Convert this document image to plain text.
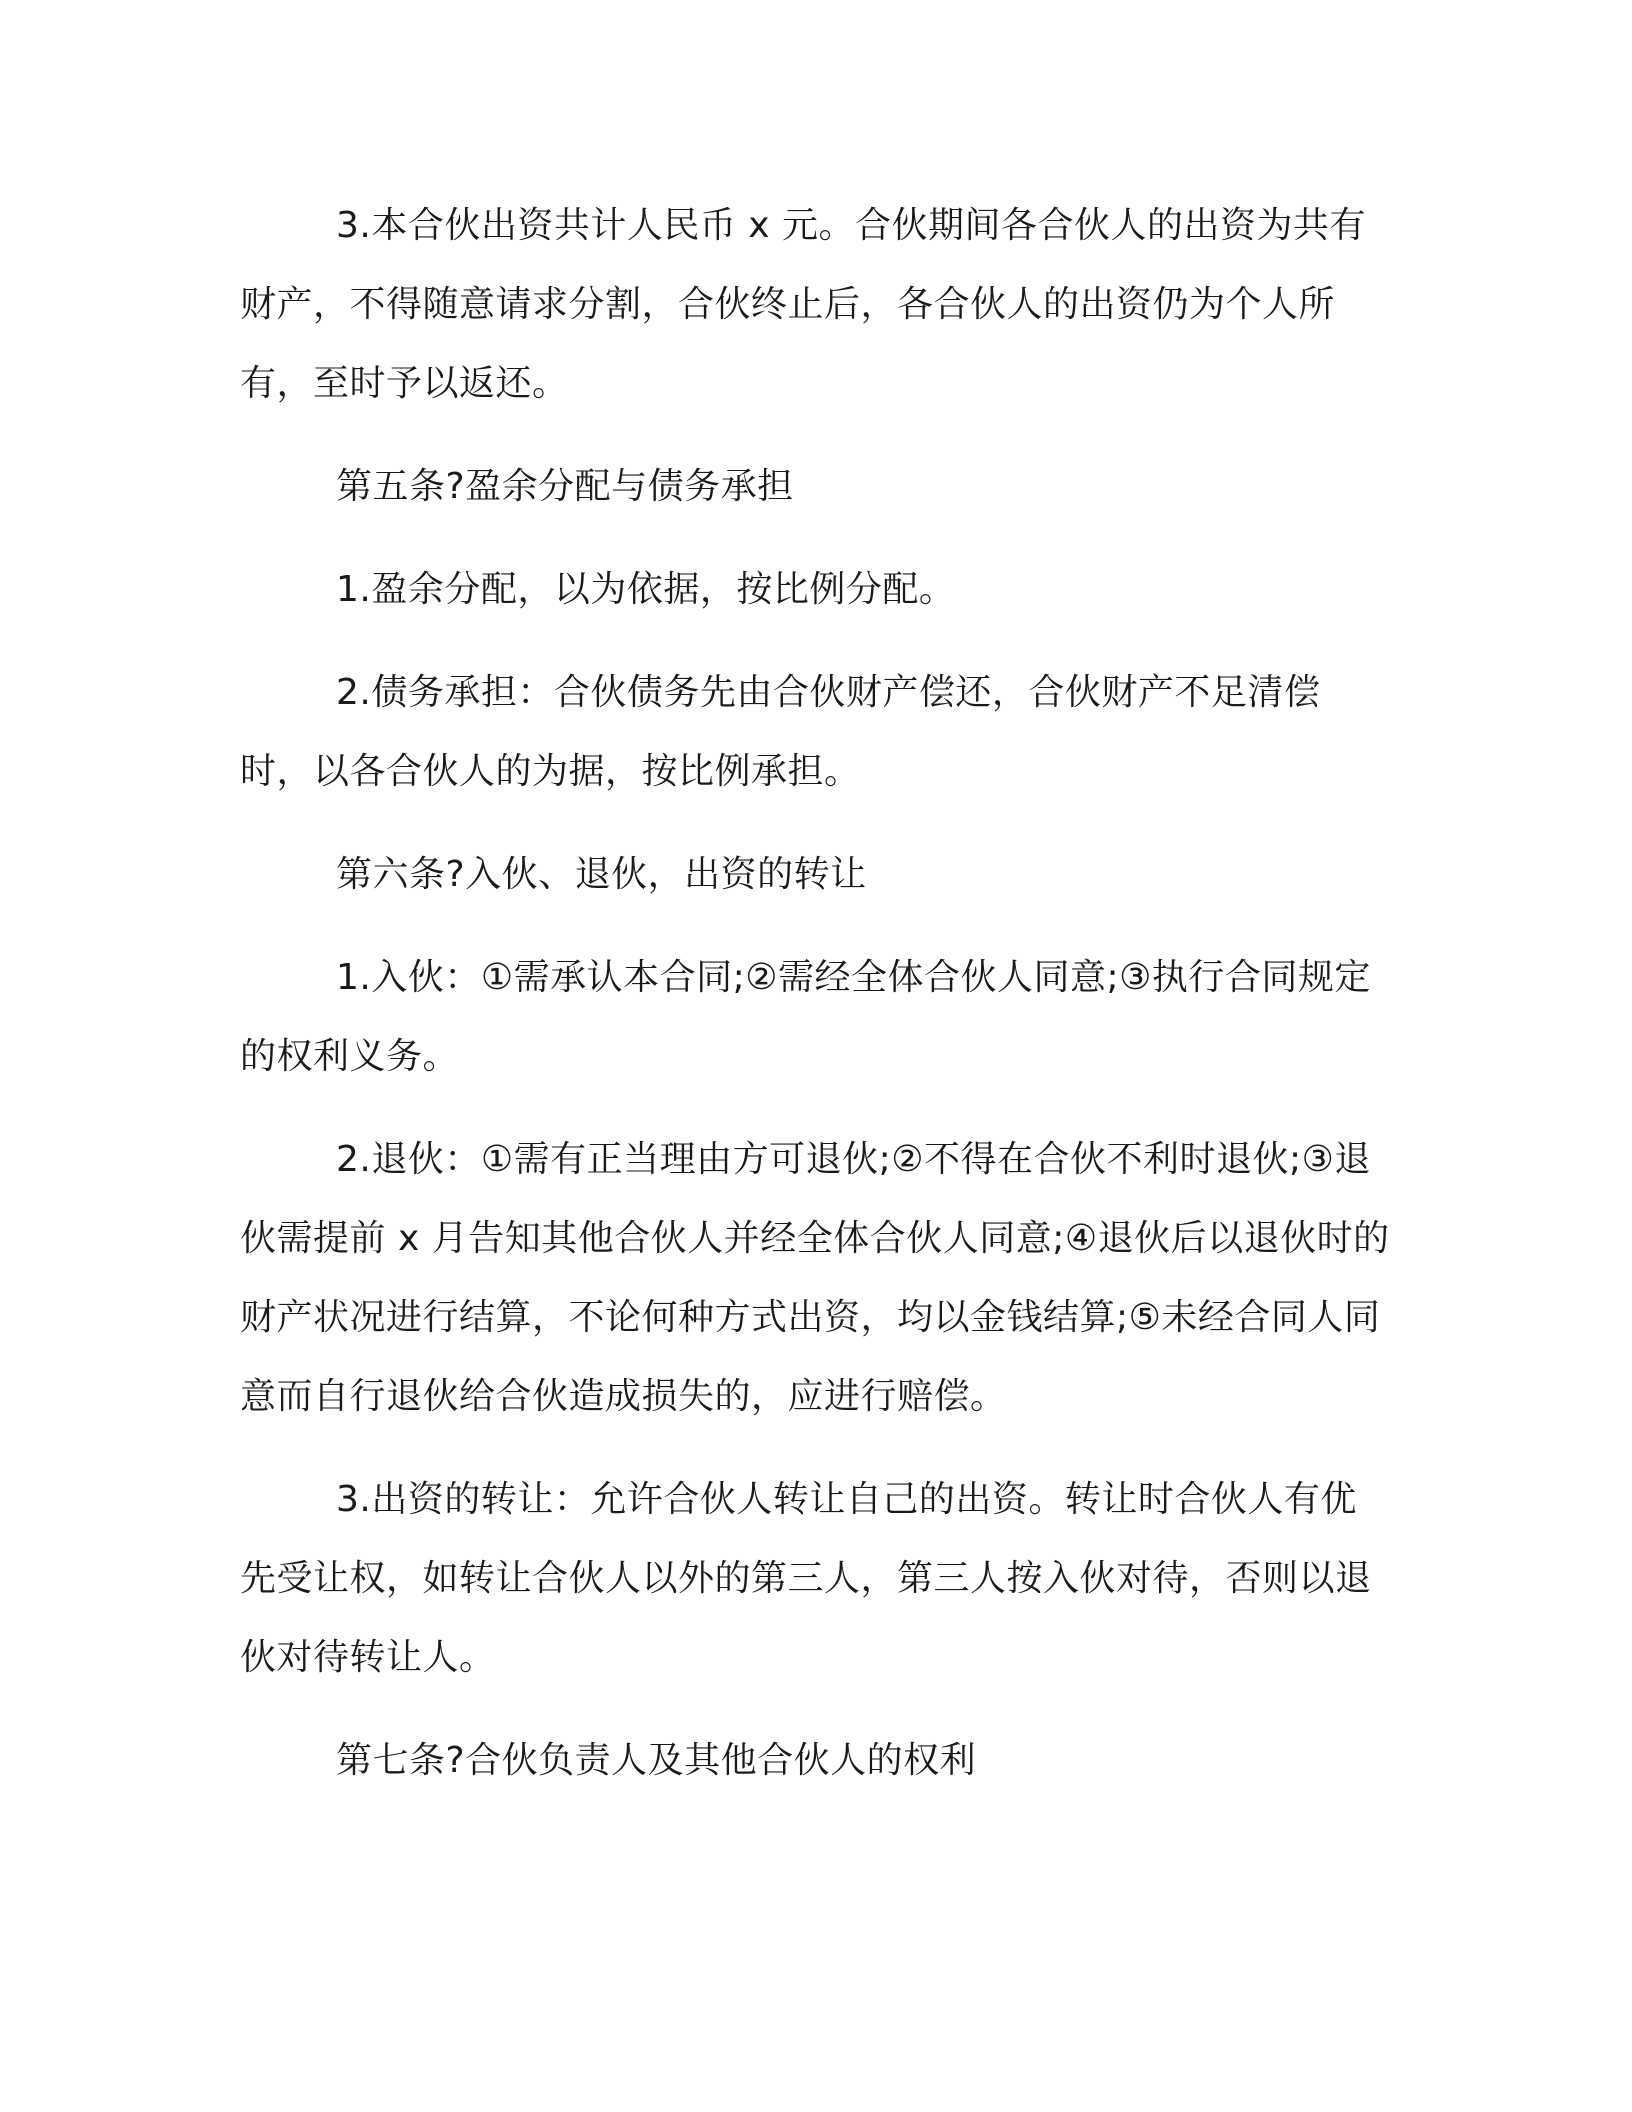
3.本合伙出资共计人民币 x 元。合伙期间各合伙人的出资为共有财产，不得随意请求分割，合伙终止后，各合伙人的出资仍为个人所有，至时予以返还。

第五条?盈余分配与债务承担

1.盈余分配，以为依据，按比例分配。

2.债务承担：合伙债务先由合伙财产偿还，合伙财产不足清偿时，以各合伙人的为据，按比例承担。

第六条?入伙、退伙，出资的转让

1.入伙：①需承认本合同;②需经全体合伙人同意;③执行合同规定的权利义务。

2.退伙：①需有正当理由方可退伙;②不得在合伙不利时退伙;③退伙需提前 x 月告知其他合伙人并经全体合伙人同意;④退伙后以退伙时的财产状况进行结算，不论何种方式出资，均以金钱结算;⑤未经合同人同意而自行退伙给合伙造成损失的，应进行赔偿。

3.出资的转让：允许合伙人转让自己的出资。转让时合伙人有优先受让权，如转让合伙人以外的第三人，第三人按入伙对待，否则以退伙对待转让人。

第七条?合伙负责人及其他合伙人的权利
